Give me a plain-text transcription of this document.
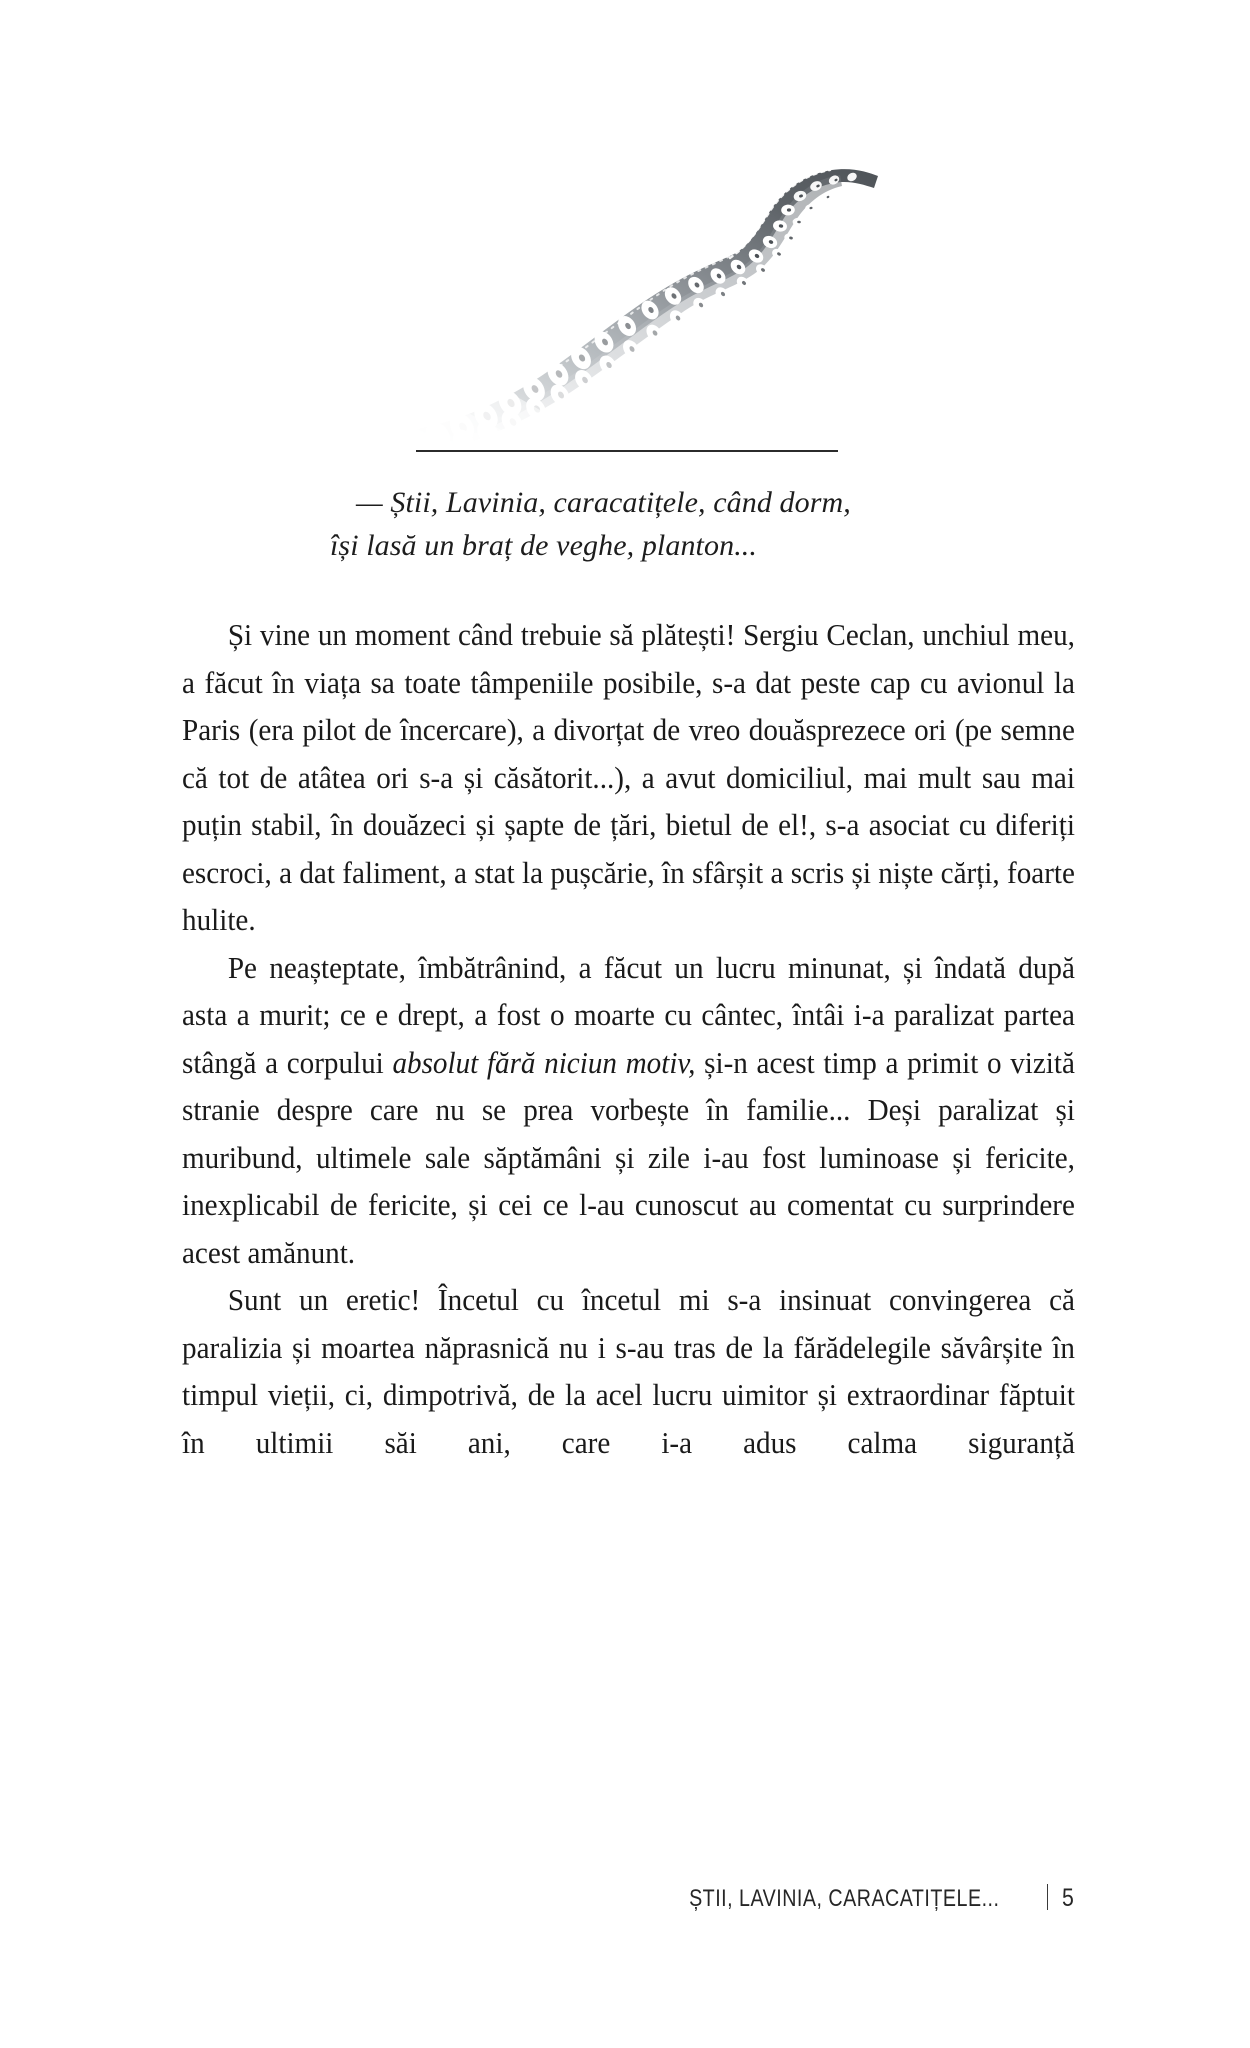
— Știi, Lavinia, caracatițele, când dorm,
își lasă un braț de veghe, planton...

Și vine un moment când trebuie să plătești! Sergiu Ceclan, unchiul meu, a făcut în viața sa toate tâmpeniile posibile, s-a dat peste cap cu avionul la Paris (era pilot de încercare), a divorțat de vreo douăsprezece ori (pe semne că tot de atâtea ori s-a și căsătorit...), a avut domiciliul, mai mult sau mai puțin stabil, în douăzeci și șapte de țări, bietul de el!, s-a asociat cu diferiți escroci, a dat faliment, a stat la pușcărie, în sfârșit a scris și niște cărți, foarte hulite.

Pe neașteptate, îmbătrânind, a făcut un lucru minunat, și îndată după asta a murit; ce e drept, a fost o moarte cu cântec, întâi i-a paralizat partea stângă a corpului absolut fără niciun motiv, și-n acest timp a primit o vizită stranie despre care nu se prea vorbește în familie... Deși paralizat și muribund, ultimele sale săptămâni și zile i-au fost luminoase și fericite, inexplicabil de fericite, și cei ce l-au cunoscut au comentat cu surprindere acest amănunt.

Sunt un eretic! Încetul cu încetul mi s-a insinuat convingerea că paralizia și moartea năprasnică nu i s-au tras de la fărădelegile săvârșite în timpul vieții, ci, dimpotrivă, de la acel lucru uimitor și extraordinar făptuit în ultimii săi ani, care i-a adus calma siguranță

ȘTII, LAVINIA, CARACATIȚELE...	5
